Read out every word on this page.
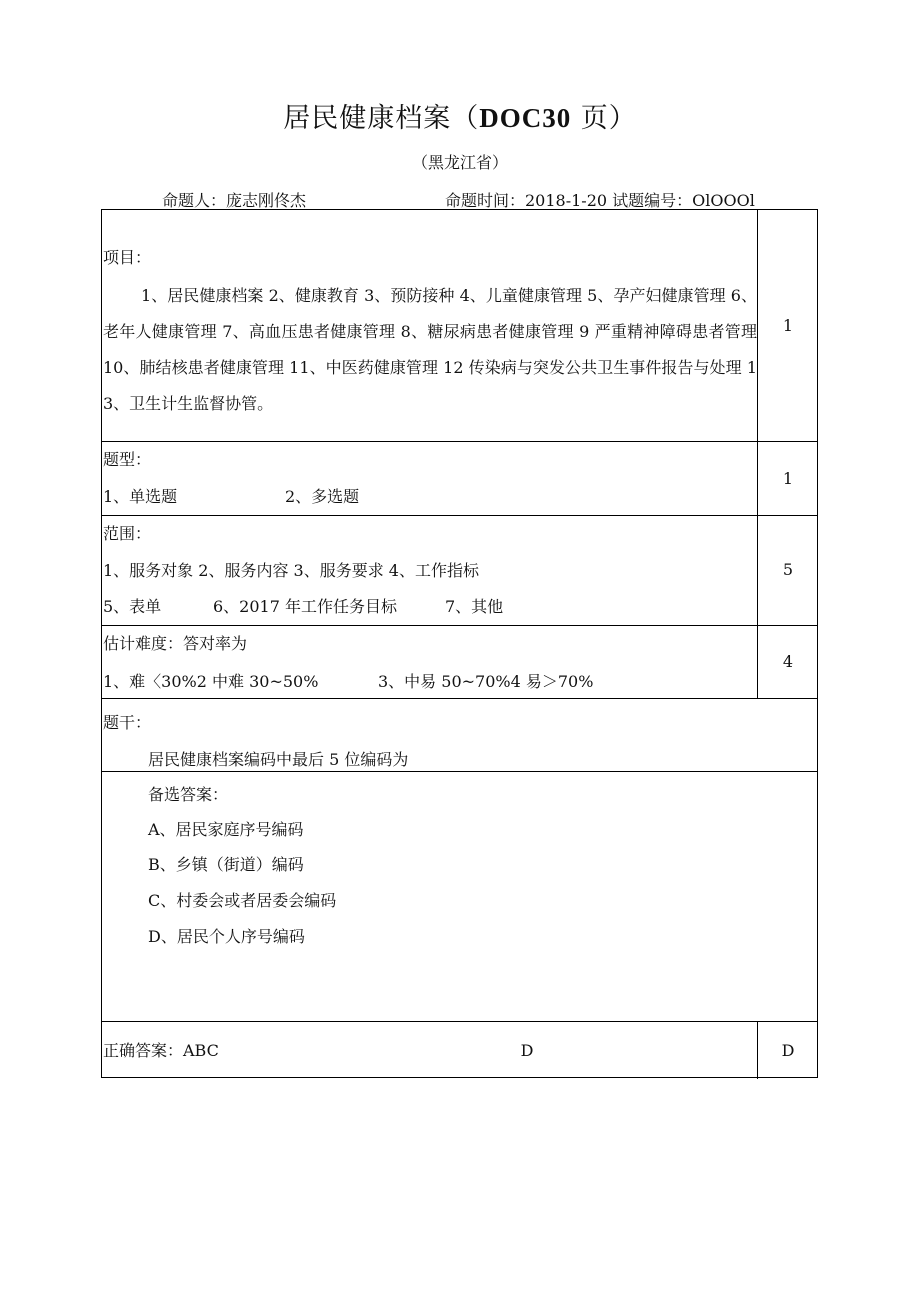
居民健康档案（DOC30 页）
（黑龙江省）
命题人：庞志刚佟杰	命题时间：2018-1-20 试题编号：OlOOOl
项目：
1、居民健康档案 2、健康教育 3、预防接种 4、儿童健康管理 5、孕产妇健康管理 6、老年人健康管理 7、高血压患者健康管理 8、糖尿病患者健康管理 9 严重精神障碍患者管理 10、肺结核患者健康管理 11、中医药健康管理 12 传染病与突发公共卫生事件报告与处理 13、卫生计生监督协管。
1
题型：
1、单选题	2、多选题
1
范围：
1、服务对象 2、服务内容 3、服务要求 4、工作指标
5、表单	6、2017 年工作任务目标	7、其他
5
估计难度：答对率为
1、难〈30%2 中难 30~50%	3、中易 50~70%4 易＞70%
4
题干：
居民健康档案编码中最后 5 位编码为
备选答案：
A、居民家庭序号编码
B、乡镇（街道）编码
C、村委会或者居委会编码
D、居民个人序号编码
正确答案：ABC	D	D
